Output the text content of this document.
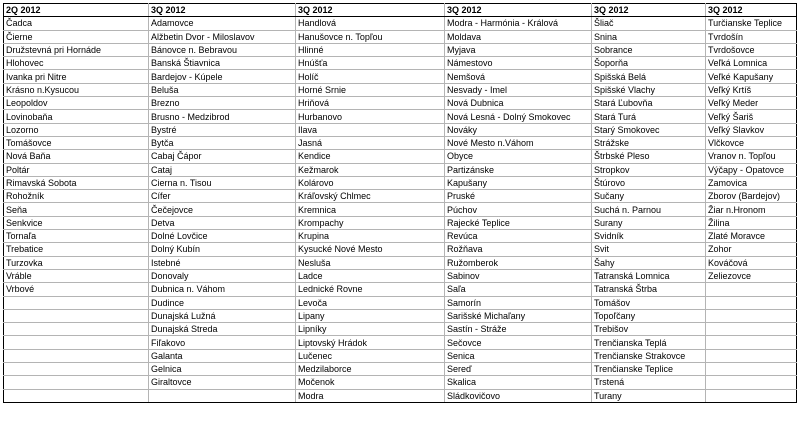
2Q 2012	3Q 2012	3Q 2012	3Q 2012	3Q 2012	3Q 2012
Čadca	Adamovce	Handlová	Modra - Harmónia - Králová	Šliač	Turčianske Teplice
Čierne	Alžbetin Dvor - Miloslavov	Hanušovce n. Topľou	Moldava	Snina	Tvrdošín
Družstevná pri Hornáde	Bánovce n. Bebravou	Hlinné	Myjava	Sobrance	Tvrdošovce
Hlohovec	Banská Štiavnica	Hnúšťa	Námestovo	Šoporňa	Veľká Lomnica
Ivanka pri Nitre	Bardejov - Kúpele	Holíč	Nemšová	Spišská Belá	Veľké Kapušany
Krásno n.Kysucou	Beluša	Horné Srnie	Nesvady - Imel	Spišské Vlachy	Veľký Krtíš
Leopoldov	Brezno	Hriňová	Nová Dubnica	Stará Ľubovňa	Veľký Meder
Lovinobaňa	Brusno - Medzibrod	Hurbanovo	Nová Lesná - Dolný Smokovec	Stará Turá	Veľký Šariš
Lozorno	Bystré	Ilava	Nováky	Starý Smokovec	Veľký Slavkov
Tomášovce	Bytča	Jasná	Nové Mesto n.Váhom	Strážske	Vlčkovce
Nová Baňa	Cabaj Čápor	Kendice	Obyce	Štrbské Pleso	Vranov n. Topľou
Poltár	Cataj	Kežmarok	Partizánske	Stropkov	Výčapy - Opatovce
Rimavská Sobota	Cierna n. Tisou	Kolárovo	Kapušany	Štúrovo	Zamovica
Rohožník	Cífer	Kráľovský Chlmec	Pruské	Sučany	Zborov (Bardejov)
Seňa	Čečejovce	Kremnica	Púchov	Suchá n. Parnou	Žiar n.Hronom
Senkvice	Detva	Krompachy	Rajecké Teplice	Surany	Žilina
Tornaľa	Dolné Lovčice	Krupina	Revúca	Svidník	Zlaté Moravce
Trebatice	Dolný Kubín	Kysucké Nové Mesto	Rožňava	Svit	Zohor
Turzovka	Istebné	Nesluša	Ružomberok	Šahy	Kováčová
Vráble	Donovaly	Ladce	Sabinov	Tatranská Lomnica	Zeliezovce
Vrbové	Dubnica n. Váhom	Lednické Rovne	Saľa	Tatranská Štrba	
	Dudince	Levoča	Samorín	Tomášov	
	Dunajská Lužná	Lipany	Sarišské Michaľany	Topoľčany	
	Dunajská Streda	Lipníky	Sastín - Stráže	Trebišov	
	Fiľakovo	Liptovský Hrádok	Sečovce	Trenčianska Teplá	
	Galanta	Lučenec	Senica	Trenčianske Strakovce	
	Gelnica	Medzilaborce	Sereď	Trenčianske Teplice	
	Giraltovce	Močenok	Skalica	Trstená	
		Modra	Sládkovičovo	Turany	
